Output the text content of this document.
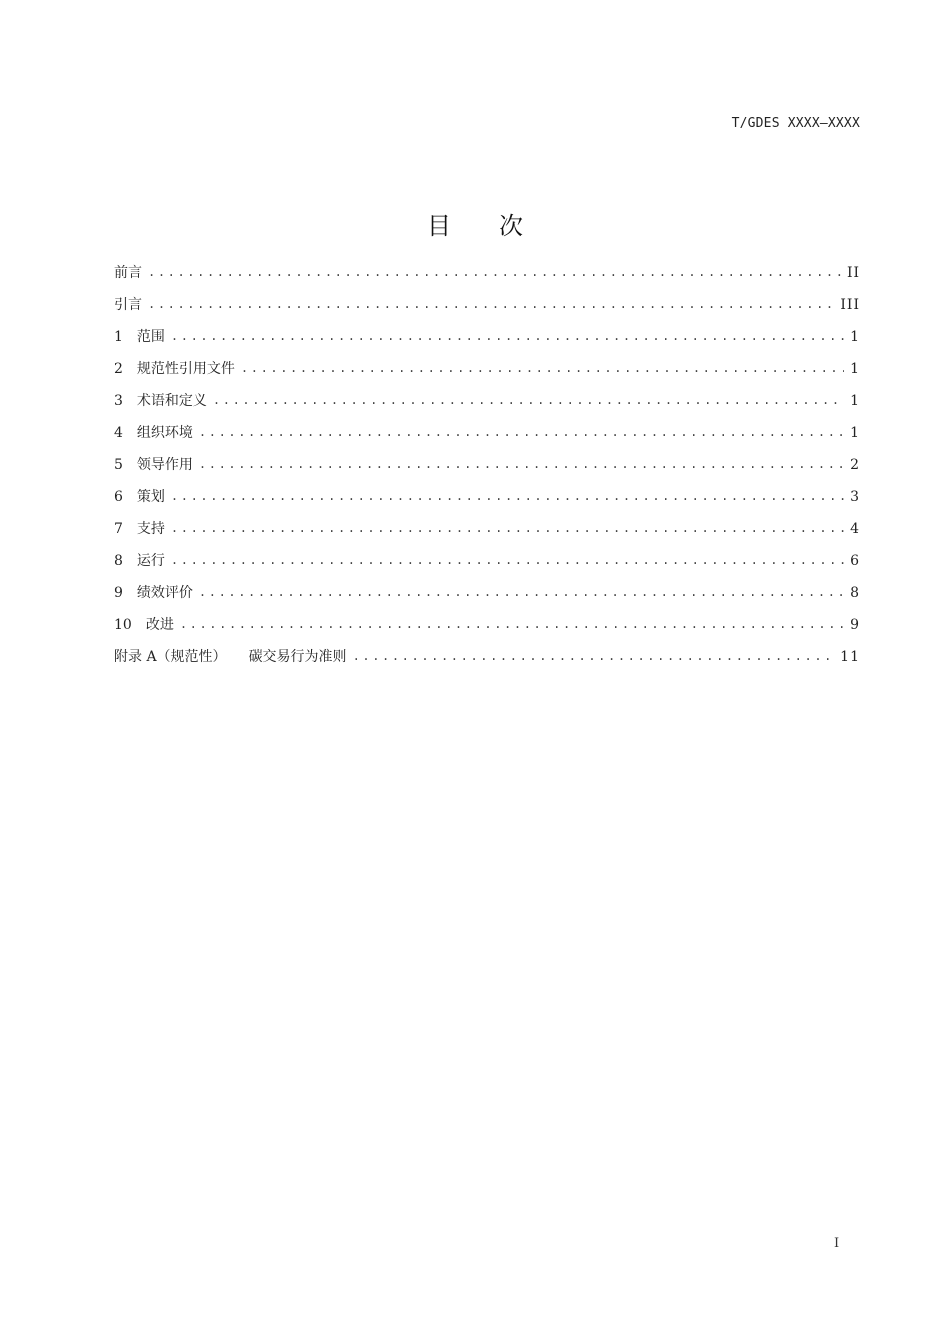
T/GDES XXXX—XXXX
目次
前言 .....	II
引言 .....	III
1 范围 .....	1
2 规范性引用文件 .....	1
3 术语和定义 .....	1
4 组织环境 .....	1
5 领导作用 .....	2
6 策划 .....	3
7 支持 .....	4
8 运行 .....	6
9 绩效评价 .....	8
10 改进 .....	9
附录 A（规范性） 碳交易行为准则 .....	11
I
